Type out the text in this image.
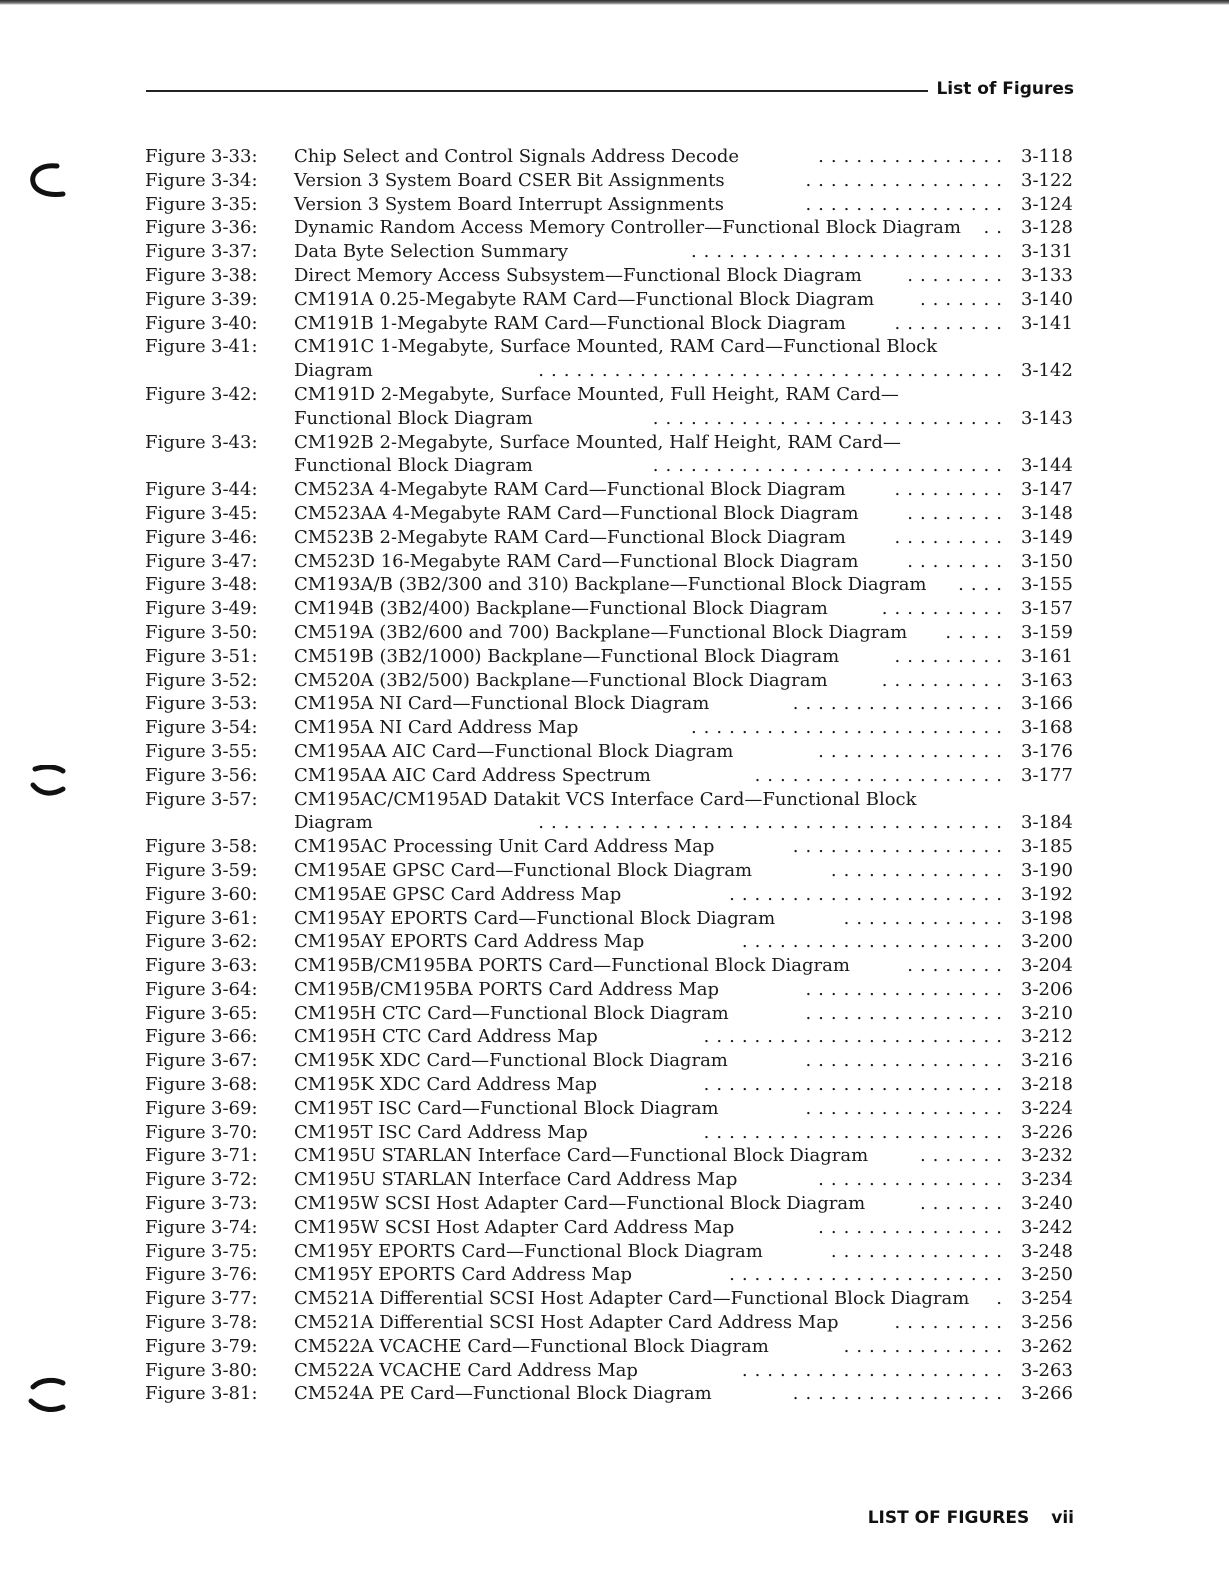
List of Figures
Figure 3-33: Chip Select and Control Signals Address Decode	............... 3-118
Figure 3-34: Version 3 System Board CSER Bit Assignments	................ 3-122
Figure 3-35: Version 3 System Board Interrupt Assignments	................ 3-124
Figure 3-36: Dynamic Random Access Memory Controller—Functional Block Diagram .. 3-128
Figure 3-37: Data Byte Selection Summary	......................... 3-131
Figure 3-38: Direct Memory Access Subsystem—Functional Block Diagram	........ 3-133
Figure 3-39: CM191A 0.25-Megabyte RAM Card—Functional Block Diagram	....... 3-140
Figure 3-40: CM191B 1-Megabyte RAM Card—Functional Block Diagram	......... 3-141
Figure 3-41: CM191C 1-Megabyte, Surface Mounted, RAM Card—Functional Block
Diagram	..................................... 3-142
Figure 3-42: CM191D 2-Megabyte, Surface Mounted, Full Height, RAM Card—
Functional Block Diagram	............................ 3-143
Figure 3-43: CM192B 2-Megabyte, Surface Mounted, Half Height, RAM Card—
Functional Block Diagram	............................ 3-144
Figure 3-44: CM523A 4-Megabyte RAM Card—Functional Block Diagram	......... 3-147
Figure 3-45: CM523AA 4-Megabyte RAM Card—Functional Block Diagram	........ 3-148
Figure 3-46: CM523B 2-Megabyte RAM Card—Functional Block Diagram	......... 3-149
Figure 3-47: CM523D 16-Megabyte RAM Card—Functional Block Diagram	........ 3-150
Figure 3-48: CM193A/B (3B2/300 and 310) Backplane—Functional Block Diagram .... 3-155
Figure 3-49: CM194B (3B2/400) Backplane—Functional Block Diagram	.......... 3-157
Figure 3-50: CM519A (3B2/600 and 700) Backplane—Functional Block Diagram ..... 3-159
Figure 3-51: CM519B (3B2/1000) Backplane—Functional Block Diagram	......... 3-161
Figure 3-52: CM520A (3B2/500) Backplane—Functional Block Diagram	.......... 3-163
Figure 3-53: CM195A NI Card—Functional Block Diagram	................. 3-166
Figure 3-54: CM195A NI Card Address Map	......................... 3-168
Figure 3-55: CM195AA AIC Card—Functional Block Diagram	............... 3-176
Figure 3-56: CM195AA AIC Card Address Spectrum	.................... 3-177
Figure 3-57: CM195AC/CM195AD Datakit VCS Interface Card—Functional Block
Diagram	..................................... 3-184
Figure 3-58: CM195AC Processing Unit Card Address Map	................. 3-185
Figure 3-59: CM195AE GPSC Card—Functional Block Diagram	.............. 3-190
Figure 3-60: CM195AE GPSC Card Address Map	...................... 3-192
Figure 3-61: CM195AY EPORTS Card—Functional Block Diagram	............. 3-198
Figure 3-62: CM195AY EPORTS Card Address Map	..................... 3-200
Figure 3-63: CM195B/CM195BA PORTS Card—Functional Block Diagram	........ 3-204
Figure 3-64: CM195B/CM195BA PORTS Card Address Map	................ 3-206
Figure 3-65: CM195H CTC Card—Functional Block Diagram	................ 3-210
Figure 3-66: CM195H CTC Card Address Map	........................ 3-212
Figure 3-67: CM195K XDC Card—Functional Block Diagram	................ 3-216
Figure 3-68: CM195K XDC Card Address Map	........................ 3-218
Figure 3-69: CM195T ISC Card—Functional Block Diagram	................ 3-224
Figure 3-70: CM195T ISC Card Address Map	........................ 3-226
Figure 3-71: CM195U STARLAN Interface Card—Functional Block Diagram	....... 3-232
Figure 3-72: CM195U STARLAN Interface Card Address Map	............... 3-234
Figure 3-73: CM195W SCSI Host Adapter Card—Functional Block Diagram	....... 3-240
Figure 3-74: CM195W SCSI Host Adapter Card Address Map	............... 3-242
Figure 3-75: CM195Y EPORTS Card—Functional Block Diagram	.............. 3-248
Figure 3-76: CM195Y EPORTS Card Address Map	...................... 3-250
Figure 3-77: CM521A Differential SCSI Host Adapter Card—Functional Block Diagram . 3-254
Figure 3-78: CM521A Differential SCSI Host Adapter Card Address Map	......... 3-256
Figure 3-79: CM522A VCACHE Card—Functional Block Diagram	............. 3-262
Figure 3-80: CM522A VCACHE Card Address Map	..................... 3-263
Figure 3-81: CM524A PE Card—Functional Block Diagram	................. 3-266
LIST OF FIGURES vii
